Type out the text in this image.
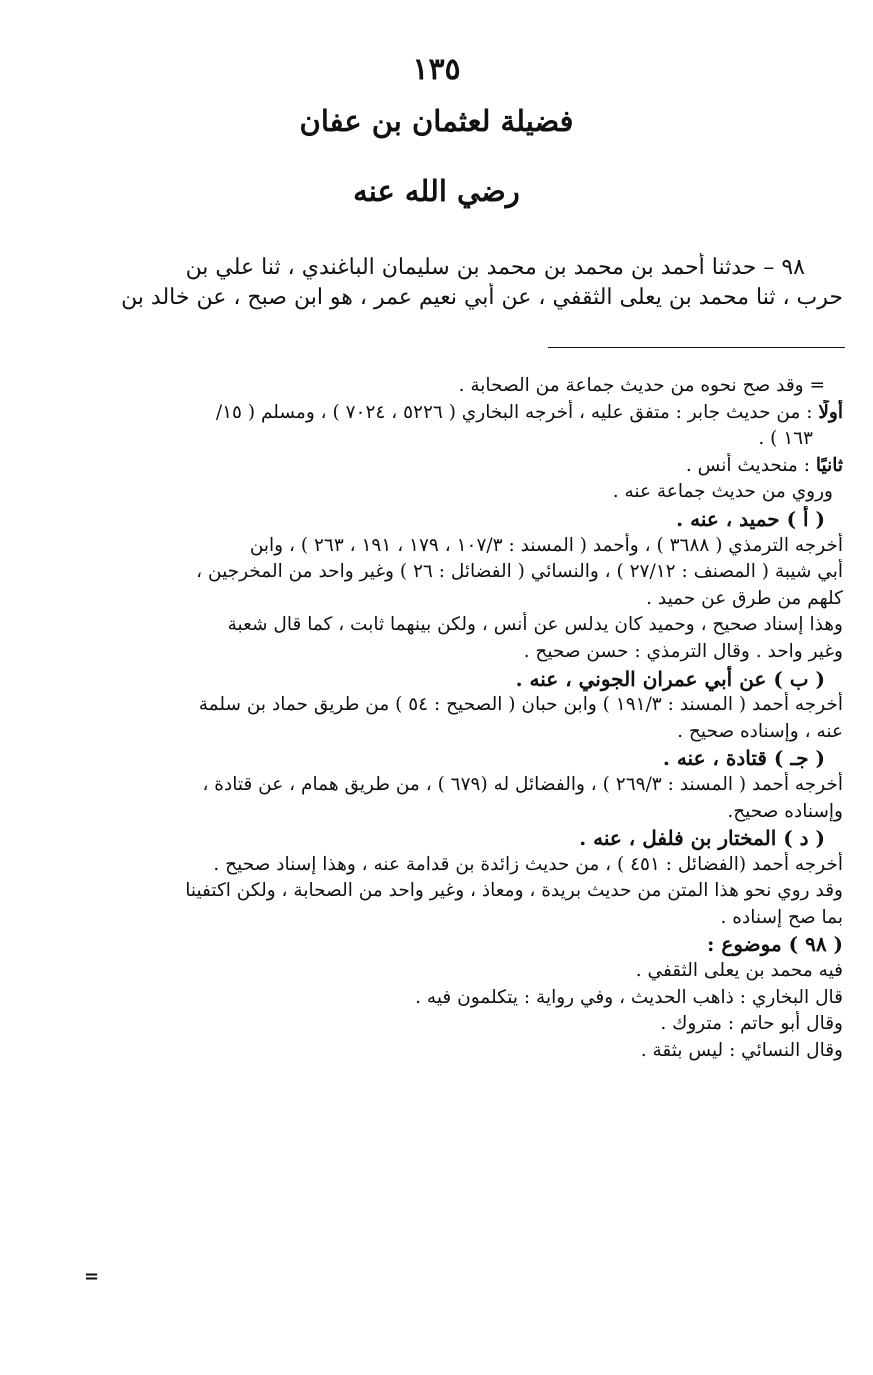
١٣٥
فضيلة لعثمان بن عفان
رضي الله عنه
٩٨ – حدثنا أحمد بن محمد بن محمد بن سليمان الباغندي ، ثنا علي بن
حرب ، ثنا محمد بن يعلى الثقفي ، عن أبي نعيم عمر ، هو ابن صبح ، عن خالد بن
= وقد صح نحوه من حديث جماعة من الصحابة .
أولًا : من حديث جابر : متفق عليه ، أخرجه البخاري ( ٥٢٢٦ ، ٧٠٢٤ ) ، ومسلم ( ١٥/
١٦٣ ) .
ثانيًا : منحديث أنس .
وروي من حديث جماعة عنه .
( أ ) حميد ، عنه .
أخرجه الترمذي ( ٣٦٨٨ ) ، وأحمد ( المسند : ١٠٧/٣ ، ١٧٩ ، ١٩١ ، ٢٦٣ ) ، وابن
أبي شيبة ( المصنف : ٢٧/١٢ ) ، والنسائي ( الفضائل : ٢٦ ) وغير واحد من المخرجين ،
كلهم من طرق عن حميد .
وهذا إسناد صحيح ، وحميد كان يدلس عن أنس ، ولكن بينهما ثابت ، كما قال شعبة
وغير واحد . وقال الترمذي : حسن صحيح .
( ب ) عن أبي عمران الجوني ، عنه .
أخرجه أحمد ( المسند : ١٩١/٣ ) وابن حبان ( الصحيح : ٥٤ ) من طريق حماد بن سلمة
عنه ، وإسناده صحيح .
( جـ ) قتادة ، عنه .
أخرجه أحمد ( المسند : ٢٦٩/٣ ) ، والفضائل له (٦٧٩ ) ، من طريق همام ، عن قتادة ،
وإسناده صحيح.
( د ) المختار بن فلفل ، عنه .
أخرجه أحمد (الفضائل : ٤٥١ ) ، من حديث زائدة بن قدامة عنه ، وهذا إسناد صحيح .
وقد روي نحو هذا المتن من حديث بريدة ، ومعاذ ، وغير واحد من الصحابة ، ولكن اكتفينا
بما صح إسناده .
( ٩٨ ) موضوع :
فيه محمد بن يعلى الثقفي .
قال البخاري : ذاهب الحديث ، وفي رواية : يتكلمون فيه .
وقال أبو حاتم : متروك .
وقال النسائي : ليس بثقة .
=
